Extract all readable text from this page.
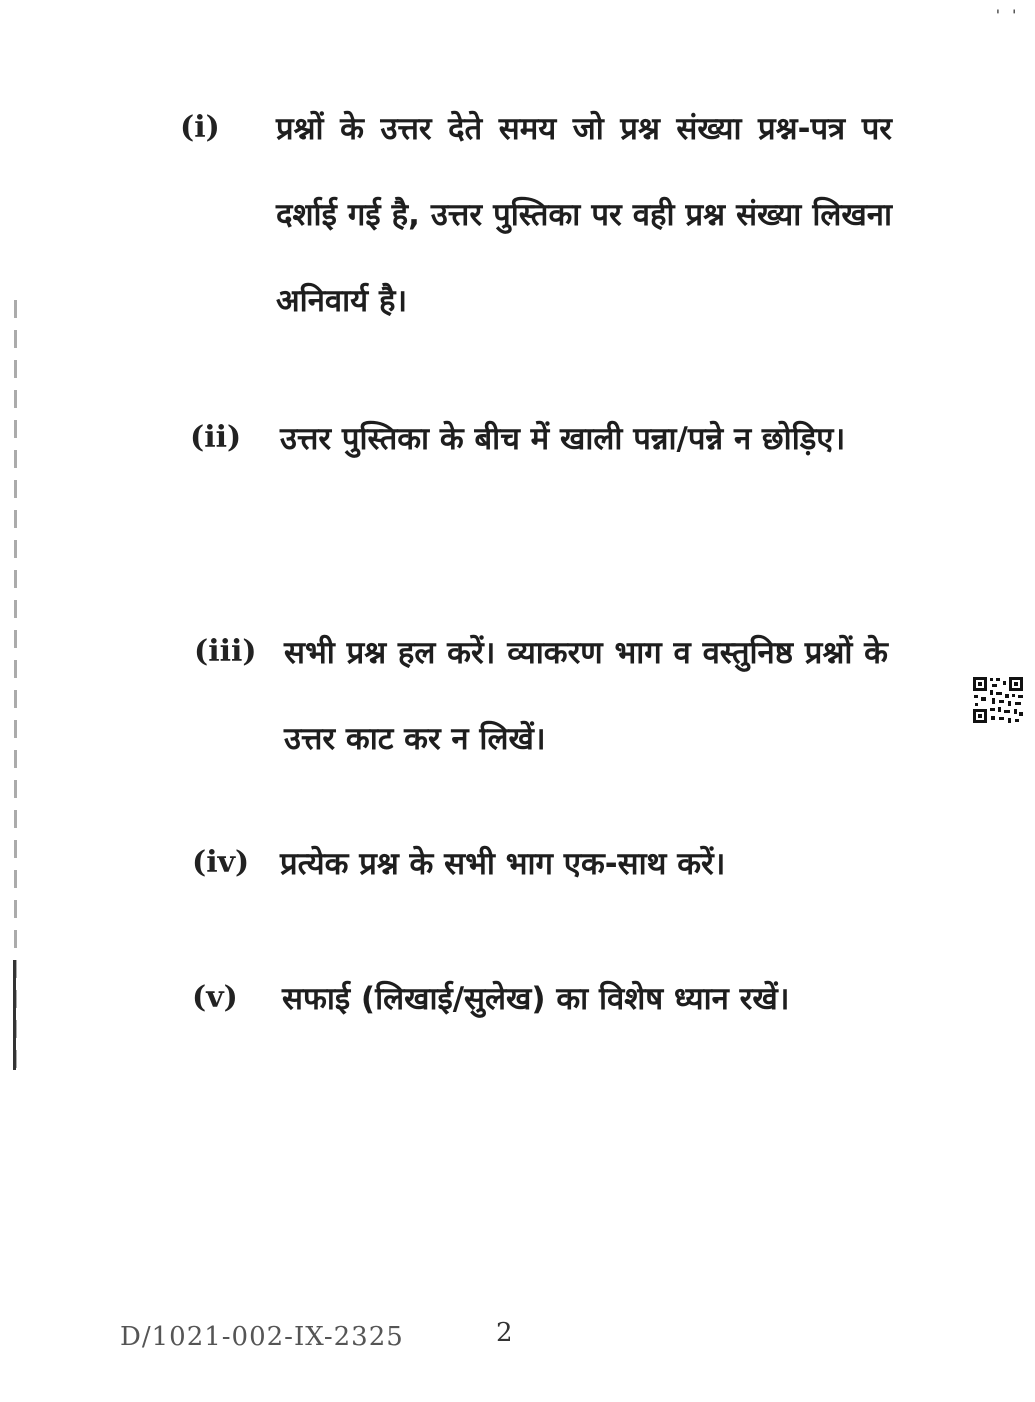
' '
(i) प्रश्नों के उत्तर देते समय जो प्रश्न संख्या प्रश्न-पत्र पर दर्शाई गई है, उत्तर पुस्तिका पर वही प्रश्न संख्या लिखना अनिवार्य है।
(ii) उत्तर पुस्तिका के बीच में खाली पन्ना/पन्ने न छोड़िए।
(iii) सभी प्रश्न हल करें। व्याकरण भाग व वस्तुनिष्ठ प्रश्नों के उत्तर काट कर न लिखें।
(iv) प्रत्येक प्रश्न के सभी भाग एक-साथ करें।
(v) सफाई (लिखाई/सुलेख) का विशेष ध्यान रखें।
D/1021-002-IX-2325	2
